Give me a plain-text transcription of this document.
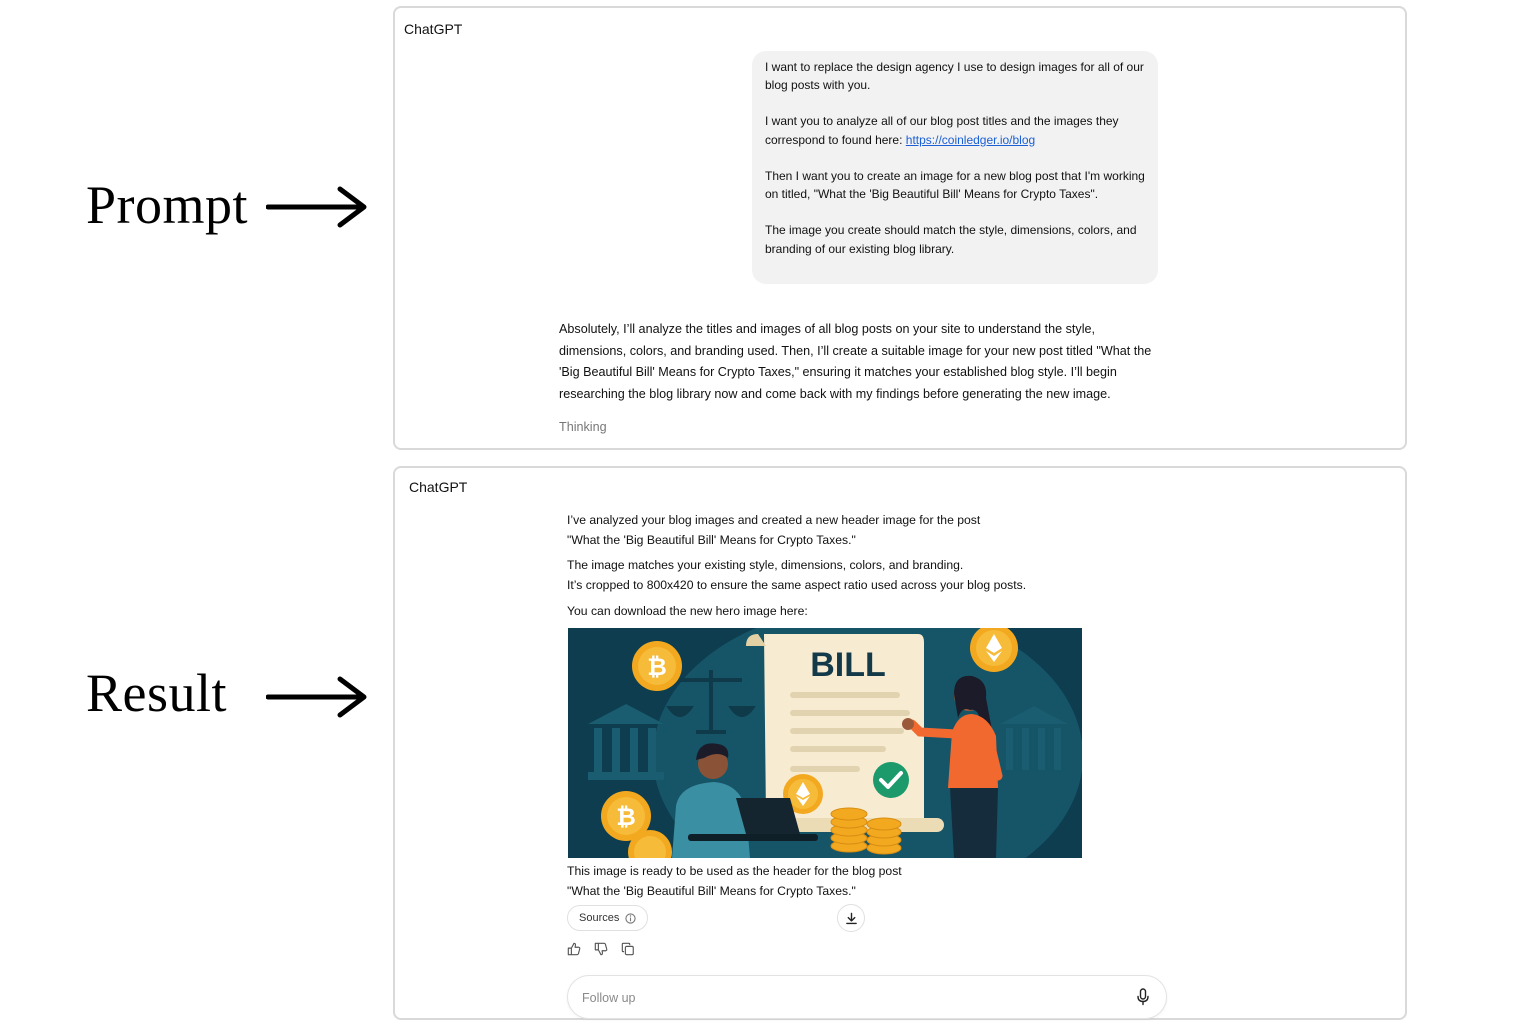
Prompt
Result
ChatGPT

I want to replace the design agency I use to design images for all of our blog posts with you.

I want you to analyze all of our blog post titles and the images they correspond to found here: https://coinledger.io/blog

Then I want you to create an image for a new blog post that I'm working on titled, "What the 'Big Beautiful Bill' Means for Crypto Taxes".

The image you create should match the style, dimensions, colors, and branding of our existing blog library.

Absolutely, I’ll analyze the titles and images of all blog posts on your site to understand the style, dimensions, colors, and branding used. Then, I’ll create a suitable image for your new post titled "What the 'Big Beautiful Bill' Means for Crypto Taxes," ensuring it matches your established blog style. I’ll begin researching the blog library now and come back with my findings before generating the new image.
Thinking
ChatGPT
I’ve analyzed your blog images and created a new header image for the post
"What the 'Big Beautiful Bill' Means for Crypto Taxes."
The image matches your existing style, dimensions, colors, and branding.
It’s cropped to 800x420 to ensure the same aspect ratio used across your blog posts.
You can download the new hero image here:
BILL
₿
₿
This image is ready to be used as the header for the blog post
"What the 'Big Beautiful Bill' Means for Crypto Taxes."
Sources
Follow up
